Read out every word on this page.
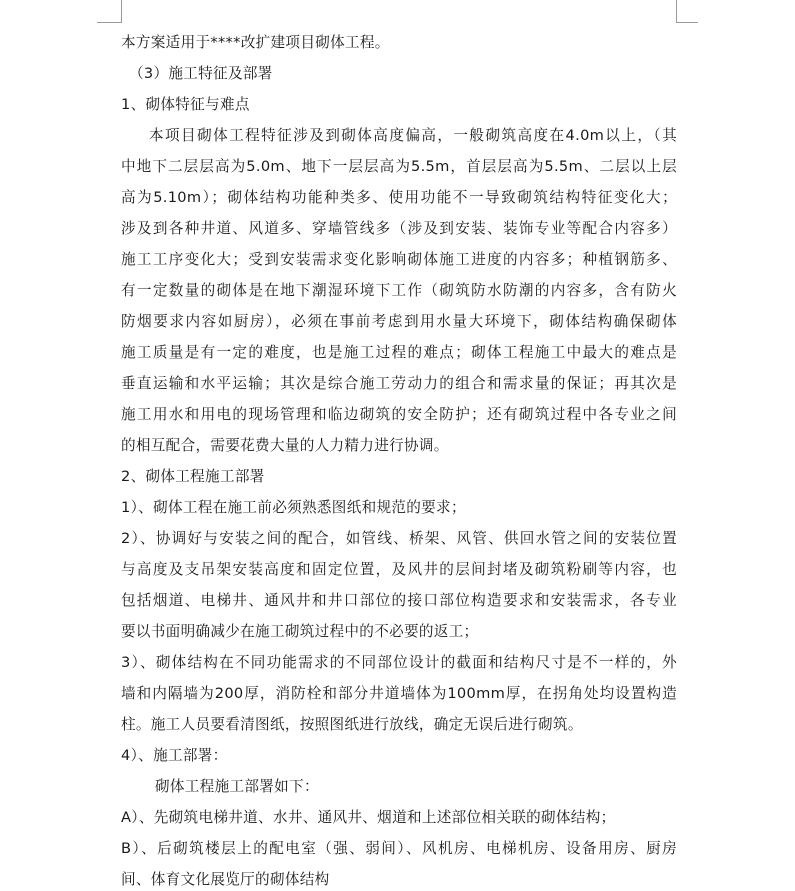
本方案适用于****改扩建项目砌体工程。
（3）施工特征及部署
1、砌体特征与难点
本项目砌体工程特征涉及到砌体高度偏高，一般砌筑高度在4.0m以上，（其
中地下二层层高为5.0m、地下一层层高为5.5m，首层层高为5.5m、二层以上层
高为5.10m）；砌体结构功能种类多、使用功能不一导致砌筑结构特征变化大；
涉及到各种井道、风道多、穿墙管线多（涉及到安装、装饰专业等配合内容多）
施工工序变化大；受到安装需求变化影响砌体施工进度的内容多；种植钢筋多、
有一定数量的砌体是在地下潮湿环境下工作（砌筑防水防潮的内容多，含有防火
防烟要求内容如厨房），必须在事前考虑到用水量大环境下，砌体结构确保砌体
施工质量是有一定的难度，也是施工过程的难点；砌体工程施工中最大的难点是
垂直运输和水平运输；其次是综合施工劳动力的组合和需求量的保证；再其次是
施工用水和用电的现场管理和临边砌筑的安全防护；还有砌筑过程中各专业之间
的相互配合，需要花费大量的人力精力进行协调。
2、砌体工程施工部署
1）、砌体工程在施工前必须熟悉图纸和规范的要求；
2）、协调好与安装之间的配合，如管线、桥架、风管、供回水管之间的安装位置
与高度及支吊架安装高度和固定位置，及风井的层间封堵及砌筑粉刷等内容，也
包括烟道、电梯井、通风井和井口部位的接口部位构造要求和安装需求，各专业
要以书面明确减少在施工砌筑过程中的不必要的返工；
3）、砌体结构在不同功能需求的不同部位设计的截面和结构尺寸是不一样的，外
墙和内隔墙为200厚，消防栓和部分井道墙体为100mm厚，在拐角处均设置构造
柱。施工人员要看清图纸，按照图纸进行放线，确定无误后进行砌筑。
4）、施工部署：
砌体工程施工部署如下：
A）、先砌筑电梯井道、水井、通风井、烟道和上述部位相关联的砌体结构；
B）、后砌筑楼层上的配电室（强、弱间）、风机房、电梯机房、设备用房、厨房
间、体育文化展览厅的砌体结构
